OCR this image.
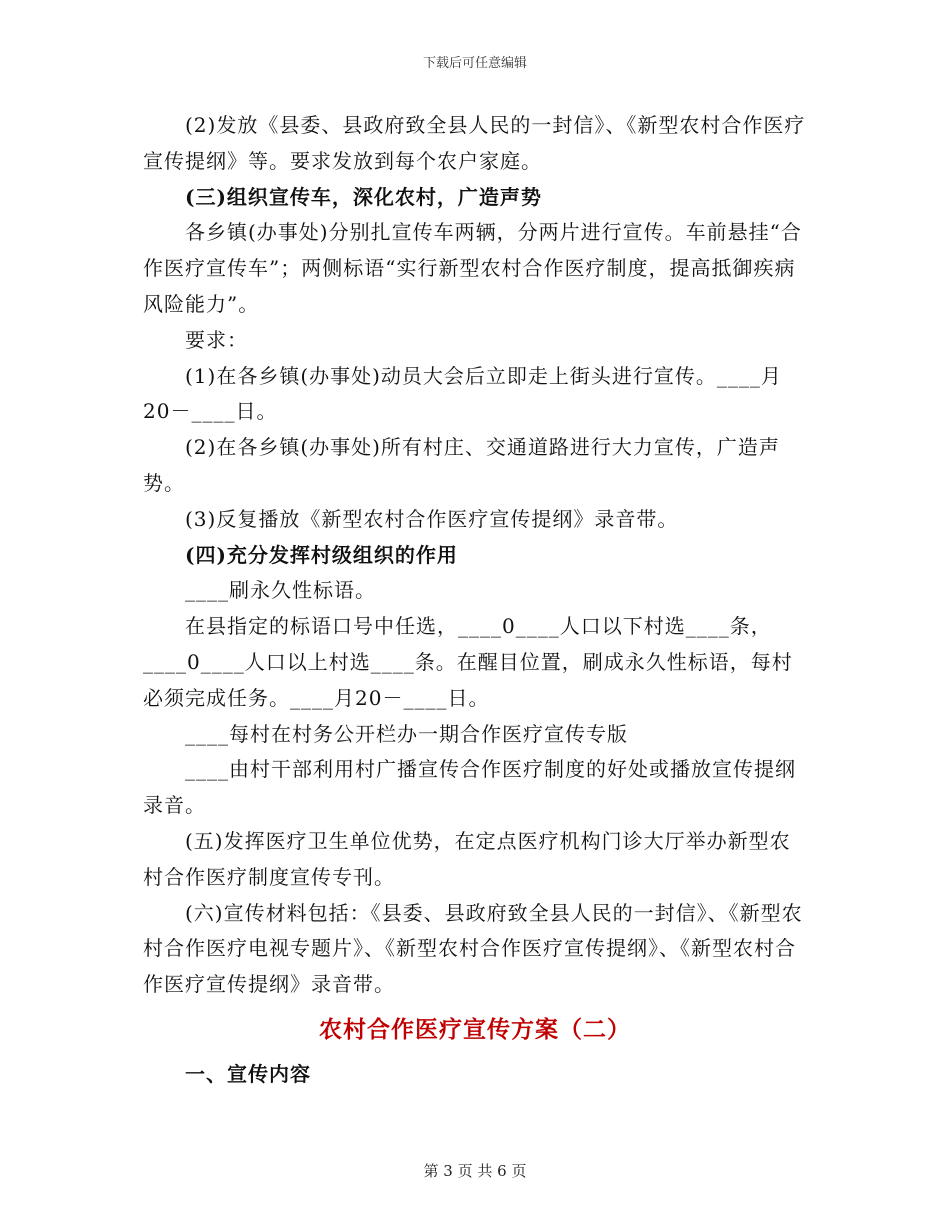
下载后可任意编辑

(2)发放《县委、县政府致全县人民的一封信》、《新型农村合作医疗宣传提纲》等。要求发放到每个农户家庭。

(三)组织宣传车，深化农村，广造声势

各乡镇(办事处)分别扎宣传车两辆，分两片进行宣传。车前悬挂“合作医疗宣传车”；两侧标语“实行新型农村合作医疗制度，提高抵御疾病风险能力”。

要求：

(1)在各乡镇(办事处)动员大会后立即走上街头进行宣传。____月20－____日。

(2)在各乡镇(办事处)所有村庄、交通道路进行大力宣传，广造声势。

(3)反复播放《新型农村合作医疗宣传提纲》录音带。

(四)充分发挥村级组织的作用

____刷永久性标语。

在县指定的标语口号中任选，____0____人口以下村选____条，____0____人口以上村选____条。在醒目位置，刷成永久性标语，每村必须完成任务。____月20－____日。

____每村在村务公开栏办一期合作医疗宣传专版

____由村干部利用村广播宣传合作医疗制度的好处或播放宣传提纲录音。

(五)发挥医疗卫生单位优势，在定点医疗机构门诊大厅举办新型农村合作医疗制度宣传专刊。

(六)宣传材料包括：《县委、县政府致全县人民的一封信》、《新型农村合作医疗电视专题片》、《新型农村合作医疗宣传提纲》、《新型农村合作医疗宣传提纲》录音带。

农村合作医疗宣传方案（二）

一、宣传内容

第 3 页 共 6 页
